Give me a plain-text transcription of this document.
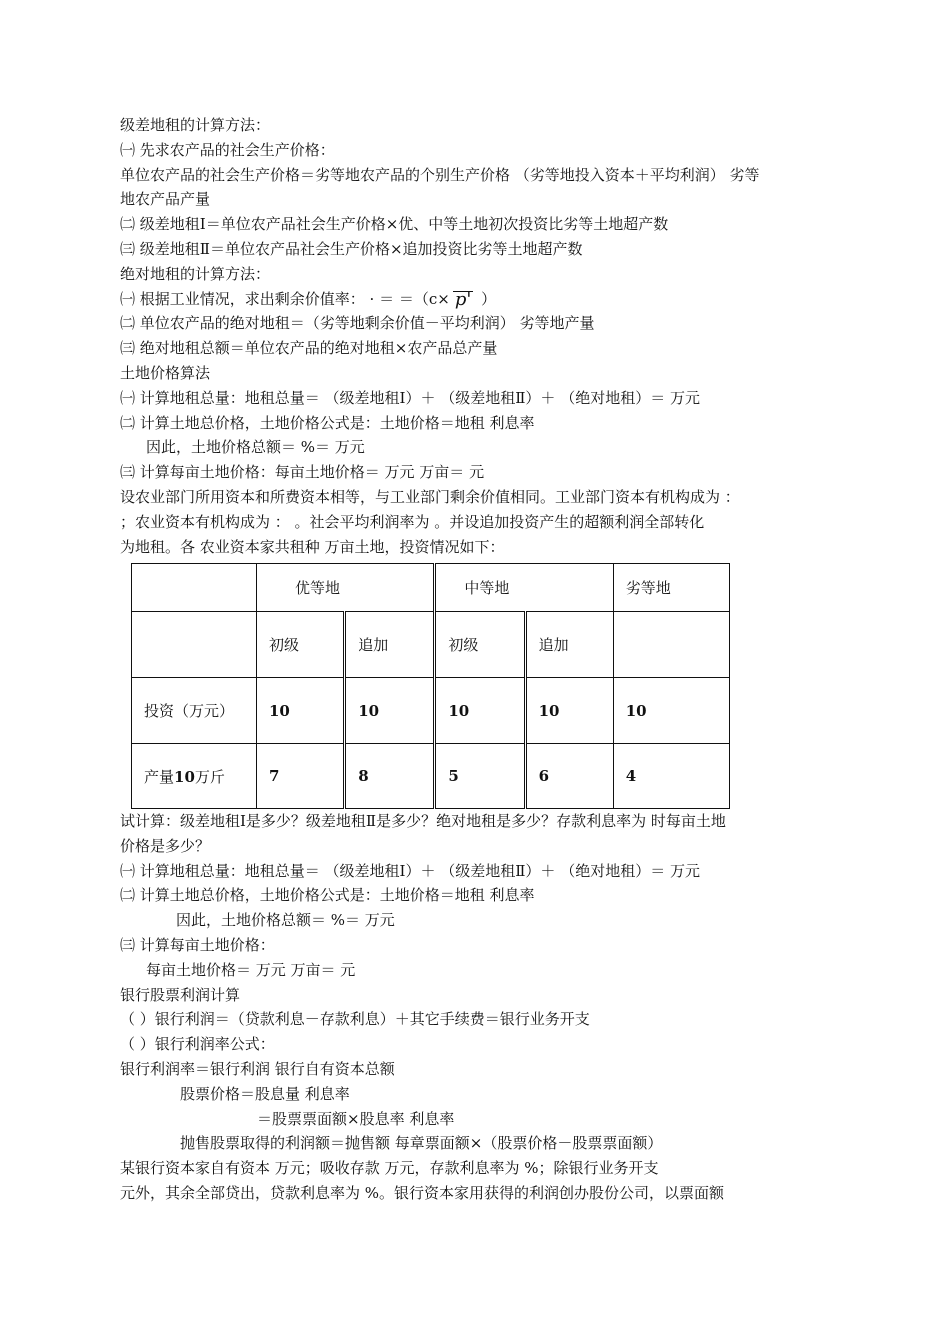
级差地租的计算方法：
㈠ 先求农产品的社会生产价格：
单位农产品的社会生产价格＝劣等地农产品的个别生产价格 （劣等地投入资本＋平均利润） 劣等
地农产品产量
㈡ 级差地租Ⅰ＝单位农产品社会生产价格×优、中等土地初次投资比劣等土地超产数
㈢ 级差地租Ⅱ＝单位农产品社会生产价格×追加投资比劣等土地超产数
绝对地租的计算方法：
㈠ 根据工业情况，求出剩余价值率： · ＝ ＝（c× p' ）
㈡ 单位农产品的绝对地租＝（劣等地剩余价值－平均利润） 劣等地产量
㈢ 绝对地租总额＝单位农产品的绝对地租×农产品总产量
土地价格算法
㈠ 计算地租总量：地租总量＝ （级差地租Ⅰ）＋ （级差地租Ⅱ）＋ （绝对地租）＝ 万元
㈡ 计算土地总价格，土地价格公式是：土地价格＝地租 利息率
因此，土地价格总额＝ %＝ 万元
㈢ 计算每亩土地价格：每亩土地价格＝ 万元 万亩＝ 元
设农业部门所用资本和所费资本相等，与工业部门剩余价值相同。工业部门资本有机构成为 ：
；农业资本有机构成为 ： 。社会平均利润率为 。并设追加投资产生的超额利润全部转化
为地租。各 农业资本家共租种 万亩土地，投资情况如下：
	优等地		中等地		劣等地
	初级	追加	初级	追加	
投资（万元）	10	10	10	10	10
产量10万斤	7	8	5	6	4
试计算：级差地租Ⅰ是多少？级差地租Ⅱ是多少？绝对地租是多少？存款利息率为 时每亩土地
价格是多少？
㈠ 计算地租总量：地租总量＝ （级差地租Ⅰ）＋ （级差地租Ⅱ）＋ （绝对地租）＝ 万元
㈡ 计算土地总价格，土地价格公式是：土地价格＝地租 利息率
因此，土地价格总额＝ %＝ 万元
㈢ 计算每亩土地价格：
每亩土地价格＝ 万元 万亩＝ 元
银行股票利润计算
（ ）银行利润＝（贷款利息－存款利息）＋其它手续费＝银行业务开支
（ ）银行利润率公式：
银行利润率＝银行利润 银行自有资本总额
股票价格＝股息量 利息率
＝股票票面额×股息率 利息率
抛售股票取得的利润额＝抛售额 每章票面额×（股票价格－股票票面额）
某银行资本家自有资本 万元；吸收存款 万元，存款利息率为 %；除银行业务开支
元外，其余全部贷出，贷款利息率为 %。银行资本家用获得的利润创办股份公司，以票面额
